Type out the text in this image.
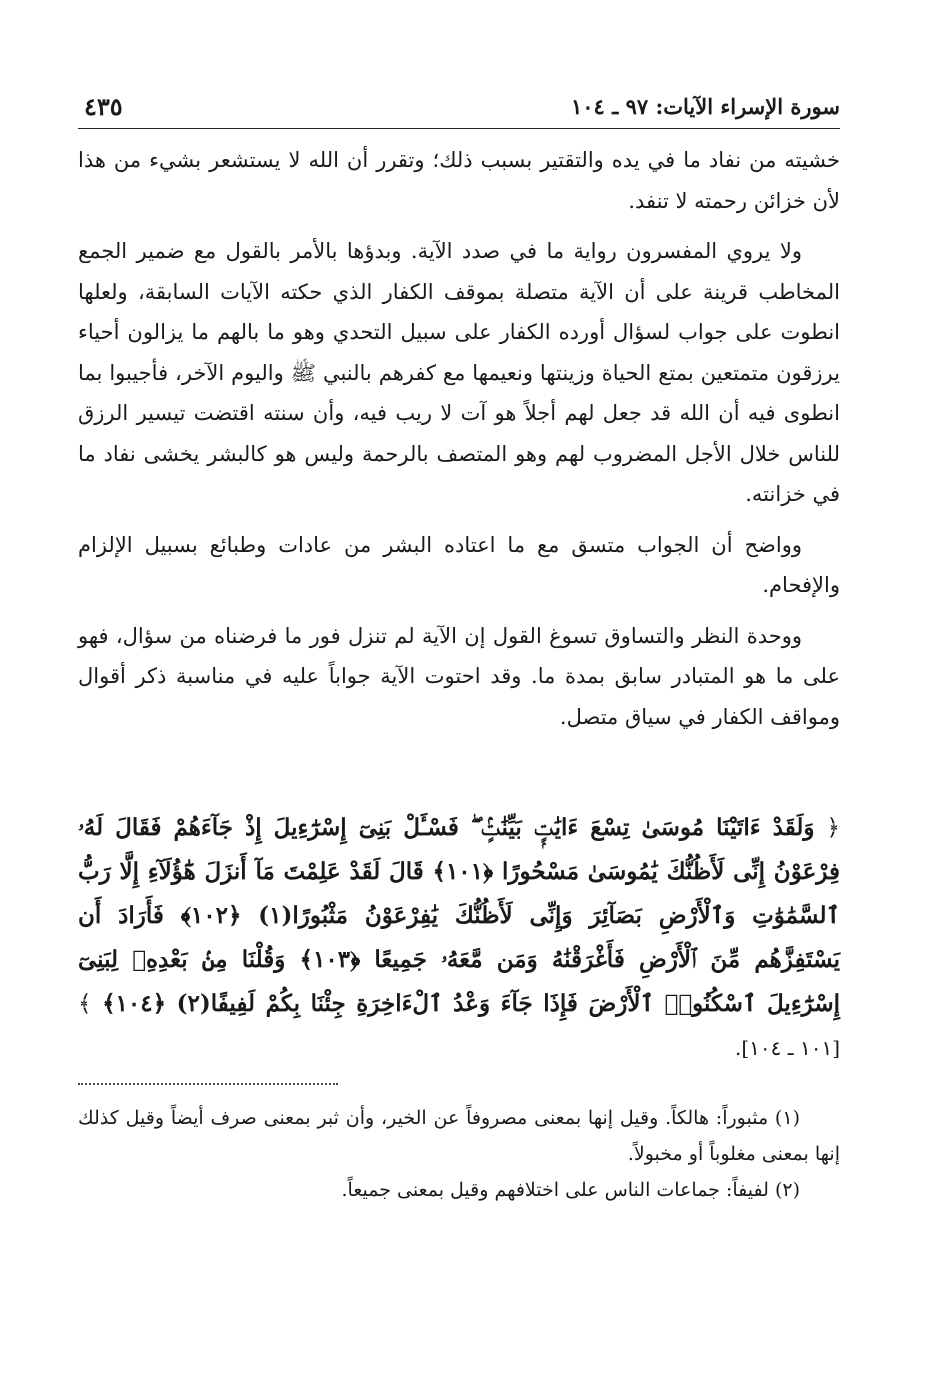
سورة الإسراء الآيات: ٩٧ ـ ١٠٤
٤٣٥

خشيته من نفاد ما في يده والتقتير بسبب ذلك؛ وتقرر أن الله لا يستشعر بشيء من هذا لأن خزائن رحمته لا تنفد.

ولا يروي المفسرون رواية ما في صدد الآية. وبدؤها بالأمر بالقول مع ضمير الجمع المخاطب قرينة على أن الآية متصلة بموقف الكفار الذي حكته الآيات السابقة، ولعلها انطوت على جواب لسؤال أورده الكفار على سبيل التحدي وهو ما بالهم ما يزالون أحياء يرزقون متمتعين بمتع الحياة وزينتها ونعيمها مع كفرهم بالنبي ﷺ واليوم الآخر، فأجيبوا بما انطوى فيه أن الله قد جعل لهم أجلاً هو آت لا ريب فيه، وأن سنته اقتضت تيسير الرزق للناس خلال الأجل المضروب لهم وهو المتصف بالرحمة وليس هو كالبشر يخشى نفاد ما في خزانته.

وواضح أن الجواب متسق مع ما اعتاده البشر من عادات وطبائع بسبيل الإلزام والإفحام.

ووحدة النظر والتساوق تسوغ القول إن الآية لم تنزل فور ما فرضناه من سؤال، فهو على ما هو المتبادر سابق بمدة ما. وقد احتوت الآية جواباً عليه في مناسبة ذكر أقوال ومواقف الكفار في سياق متصل.

﴿ وَلَقَدْ ءَاتَيْنَا مُوسَىٰ تِسْعَ ءَايَٰتٍۭ بَيِّنَٰتٍۢ ۖ فَسْـَٔلْ بَنِىٓ إِسْرَٰٓءِيلَ إِذْ جَآءَهُمْ فَقَالَ لَهُۥ فِرْعَوْنُ إِنِّى لَأَظُنُّكَ يَٰمُوسَىٰ مَسْحُورًا ﴿١٠١﴾ قَالَ لَقَدْ عَلِمْتَ مَآ أَنزَلَ هَٰٓؤُلَآءِ إِلَّا رَبُّ ٱلسَّمَٰوَٰتِ وَٱلْأَرْضِ بَصَآئِرَ وَإِنِّى لَأَظُنُّكَ يَٰفِرْعَوْنُ مَثْبُورًا(١) ﴿١٠٢﴾ فَأَرَادَ أَن يَسْتَفِزَّهُم مِّنَ ٱلْأَرْضِ فَأَغْرَقْنَٰهُ وَمَن مَّعَهُۥ جَمِيعًا ﴿١٠٣﴾ وَقُلْنَا مِنۢ بَعْدِهِۦ لِبَنِىٓ إِسْرَٰٓءِيلَ ٱسْكُنُوا۟ ٱلْأَرْضَ فَإِذَا جَآءَ وَعْدُ ٱلْءَاخِرَةِ جِئْنَا بِكُمْ لَفِيفًا(٢) ﴿١٠٤﴾ ﴾ [١٠١ ـ ١٠٤].

(١) مثبوراً: هالكاً. وقيل إنها بمعنى مصروفاً عن الخير، وأن ثبر بمعنى صرف أيضاً وقيل كذلك إنها بمعنى مغلوباً أو مخبولاً.

(٢) لفيفاً: جماعات الناس على اختلافهم وقيل بمعنى جميعاً.
